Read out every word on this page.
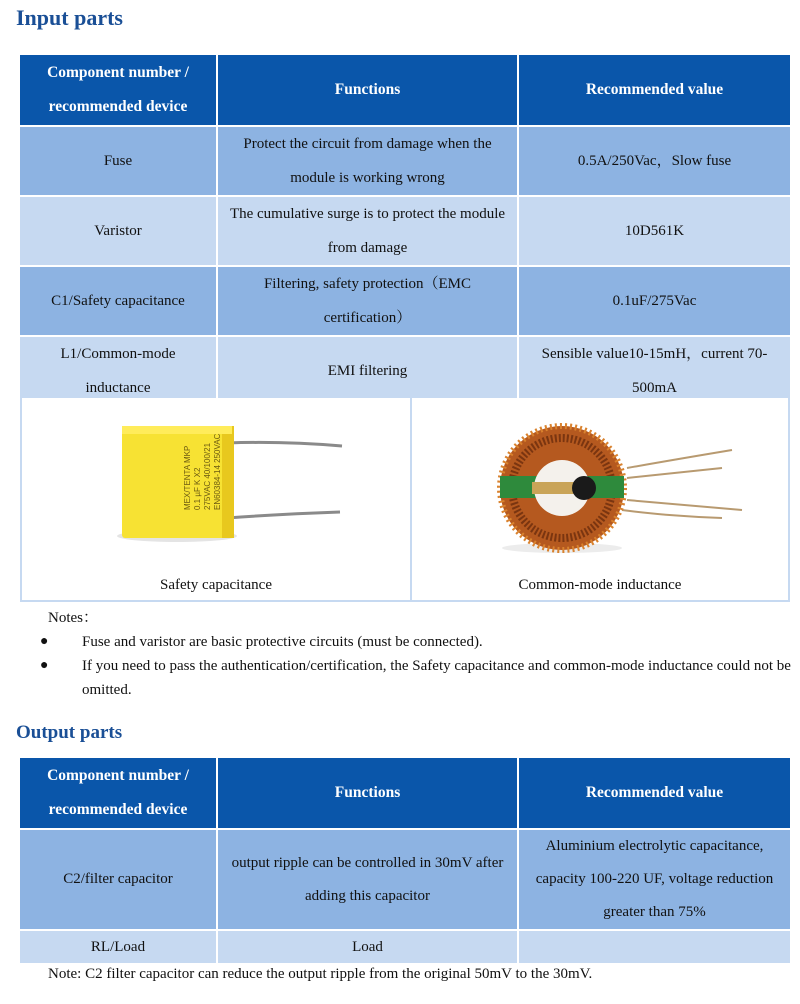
Input parts
Component number /
recommended device	Functions	Recommended value
Fuse	Protect the circuit from damage when the module is working wrong	0.5A/250Vac，Slow fuse
Varistor	The cumulative surge is to protect the module from damage	10D561K
C1/Safety capacitance	Filtering, safety protection（EMC certification）	0.1uF/275Vac
L1/Common-mode inductance	EMI filtering	Sensible value10-15mH，current 70-500mA
MEX/TENTA MKP 0.1 µF K X2 275VAC 40/100/21 EN60384-14 250VAC
Safety capacitance	Common-mode inductance
Notes：
● Fuse and varistor are basic protective circuits (must be connected).
● If you need to pass the authentication/certification, the Safety capacitance and common-mode inductance could not be omitted.
Output parts
Component number /
recommended device	Functions	Recommended value
C2/filter capacitor	output ripple can be controlled in 30mV after adding this capacitor	Aluminium electrolytic capacitance, capacity 100-220 UF, voltage reduction greater than 75%
RL/Load	Load	
Note: C2 filter capacitor can reduce the output ripple from the original 50mV to the 30mV.
